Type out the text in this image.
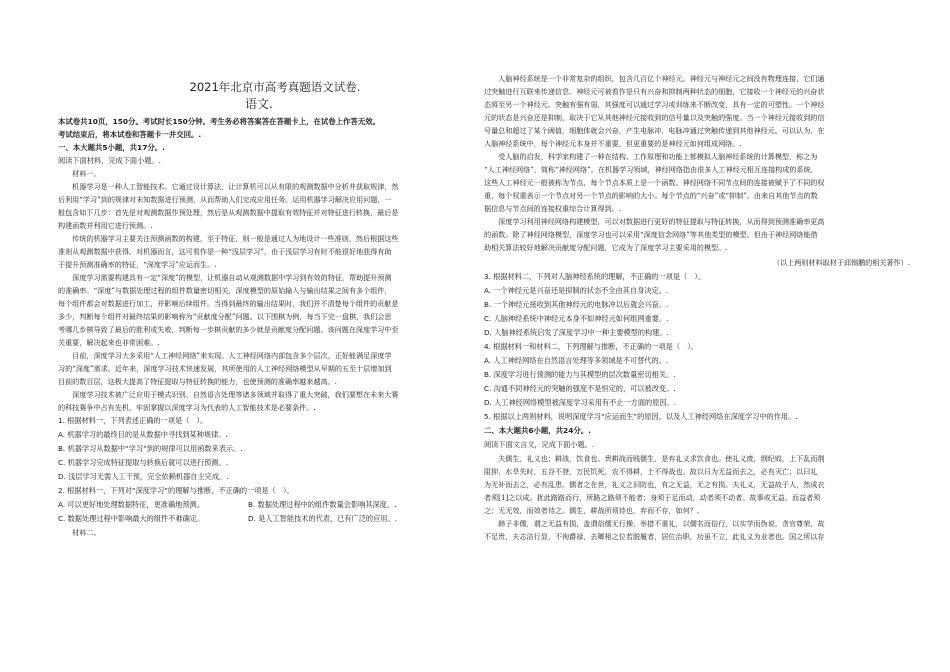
2021年北京市高考真题语文试卷.
语文.
本试卷共10页，150分。考试时长150分钟。考生务必将答案答在答题卡上，在试卷上作答无效。
考试结束后，将本试卷和答题卡一并交回。.
一、本大题共5小题，共17分。.
阅读下面材料，完成下面小题。.
　　材料一。
　　机器学习是一种人工智能技术。它通过设计算法，让计算机可以从有限的观测数据中分析并获取规律，然
后利用“学习”到的规律对未知数据进行预测，从而帮助人们完成应用任务。运用机器学习解决应用问题，一
般包含如下几步：首先是对观测数据作预处理，然后是从观测数据中提取有效特征并对特征进行转换，最后是
构建函数并利用它进行预测。.
　　传统的机器学习主要关注预测函数的构建，至于特征，则一般是通过人为地设计一些准则，然后根据这些
准则从观测数据中获得。对机器而言，这可看作是一种“浅层学习”，由于浅层学习有时不能很好地获得有助
于提升预测准确率的特征，“深度学习”应运而生。.
　　深度学习需要构建具有一定“深度”的模型，让机器自动从观测数据中学习到有效的特征，帮助提升预测
的准确率。“深度”与数据处理过程的组件数量密切相关，深度模型的原始输入与输出结果之间有多个组件，
每个组件都会对数据进行加工，并影响后续组件。当得到最终的输出结果时，我们并不清楚每个组件的贡献是
多少，判断每个组件对最终结果的影响称为“贡献度分配”问题。以下围棋为例，每当下完一盘棋，我们会思
考哪几步棋导致了最后的胜利或失败，判断每一步棋贡献的多少就是贡献度分配问题。该问题在深度学习中至
关重要，解决起来也非常困难。.
　　目前，深度学习大多采用“人工神经网络”来实现。人工神经网络内部包含多个层次，正好能满足深度学
习的“深度”需求。近年来，深度学习技术快速发展，其所使用的人工神经网络模型从早期的五至十层增加到
目前的数百层，这极大提高了特征提取与特征转换的能力，也使预测的准确率越来越高。.
　　深度学习技术被广泛应用于模式识别、自然语言处理等诸多领域并取得了重大突破，我们要想在未来大赛
的科技赛争中占有先机，牢固掌握以深度学习为代表的人工智能技术是必要条件。.
1. 根据材料一，下列表述正确的一项是（　）。
A. 机器学习的最终目的是从数据中寻找到某种规律。.
B. 机器学习从数据中“学习”到的规律可以用函数来表示。.
C. 机器学习完成特征提取与转换后就可以进行预测。.
D. 浅层学习无需人工干预，完全依赖机器自主完成。.
2. 根据材料一，下列对“深度学习”的理解与推断，不正确的一项是（　）。
A. 可以更好地处理数据特征，更准确地预测。	B. 数据处理过程中的组件数量会影响其深度。.
C. 数据处理过程中影响最大的组件不难确定。	D. 是人工智能技术的代表，已有广泛的应用。.
　　材料二。
　　人脑神经系统是一个非常复杂的组织，包含几百亿个神经元。神经元与神经元之间没有物理连接，它们通
过突触进行互联来传递信息。神经元可被看作是只有兴奋和抑制两种状态的细胞，它接收一个神经元的兴奋状
态将至另一个神经元。突触有强有弱，其强度可以通过学习或训练来不断改变，具有一定的可塑性。一个神经
元的状态是兴奋还是抑制，取决于它从其他神经元接收到的信号量以及突触的强度。当一个神经元接收到的信
号量总和超过了某个阈值，细胞体就会兴奋，产生电脉冲，电脉冲通过突触传递到其他神经元。可以认为，在
人脑神经系统中，每个神经元本身并不重要，但更重要的是神经元如何组成网络。.
　　受人脑的启发，科学家构建了一种在结构、工作原理和功能上都模拟人脑神经系统的计算模型，称之为
“人工神经网络”，简称“神经网络”。在机器学习领域，神经网络指由很多人工神经元相互连接构成的系统，
这些人工神经元一般被称为节点，每个节点本质上是一个函数。神经网络不同节点间的连接被赋予了不同的权
重，每个权重表示一个节点对另一个节点的影响的大小。每个节点的“兴奋”或“抑制”，由来自其他节点的数
据信息与节点间的连接权重综合计算得到。.
　　深度学习利用神经网络构建模型，可以对数据进行更好的特征提取与特征转换，从而得到预测准确率更高
的函数。除了神经网络模型，深度学习也可以采用“深度信念网络”等其他类型的模型。但由于神经网络能借
助相关算法较好地解决贡献度分配问题，它成为了深度学习主要采用的模型。.
（以上两则材料取材于邱锡鹏的相关著作）.
3. 根据材料二，下列对人脑神经系统的理解，不正确的一项是（　）。
A. 一个神经元是兴奋还是抑制的状态不全由其自身决定。.
B. 一个神经元接收到其他神经元的电脉冲以后就会兴奋。.
C. 人脑神经系统中神经元本身不如神经元如何组网重要。.
D. 人脑神经系统启发了深度学习中一种主要模型的构建。.
4. 根据材料一和材料二，下列理解与推断，不正确的一项是（　）。
A. 人工神经网络在自然语言处理等多领域是不可替代的。.
B. 深度学习进行预测的能力与其模型的层次数量密切相关。.
C. 沟通不同神经元的突触的强度不是恒定的，可以被改变。.
D. 人工神经网络模型被深度学习采用有不止一方面的原因。.
5. 根据以上两则材料，说明深度学习“应运而生”的原因，以及人工神经网络在深度学习中的作用。.
二、本大题共6小题，共24分。.
阅读下面文言文，完成下面小题。.
　　夫儒生，礼义也；耕战，饮食也。贵耕战而贱儒生，是弃礼义求饮食也。使礼义废，纲纪败，上下乱而荆
阻抑，水旱失时，五谷不登，万民饥死，农不得耕，士不得战也。故以曰为无益而去之，必有灭亡；以曰礼
为无补而去之，必有乱患。儒者之在世，礼义之旧防也，有之无益，无之有损。夫礼义，无益故于人，然成衣
者须[1]之以成。犹此路路而行，所路之路须不能者；身须于足而动，动者须不动者。故事或无益，而益者须
之；无无效，而效者待之。儒生，耕战所须待也，弃而不存，如何？。
　　韩子非儒，谓之无益有损，盖谓俗儒无行操，举措不重礼，以儒名而俗行，以实学而伪说，贪官尊荣，故
不足贵，夫志洁行显，不徇爵禄，去卿相之位若脱履者，居位治职，功虽不立，此礼义为业者也。国之所以存
